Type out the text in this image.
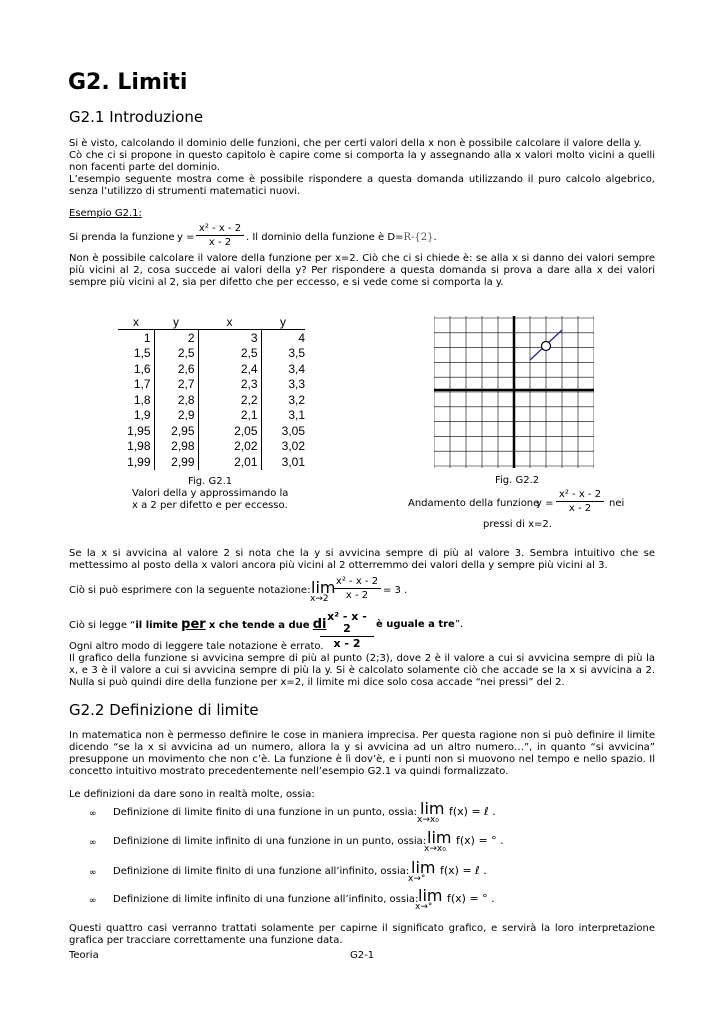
G2. Limiti
G2.1 Introduzione

Si è visto, calcolando il dominio delle funzioni, che per certi valori della x non è possibile calcolare il valore della y.

Cò che ci si propone in questo capitolo è capire come si comporta la y assegnando alla x valori molto vicini a quelli non facenti parte del dominio.

L’esempio seguente mostra come è possibile rispondere a questa domanda utilizzando il puro calcolo algebrico, senza l’utilizzo di strumenti matematici nuovi.

Esempio G2.1:
Si prenda la funzione y =
x² - x - 2
x - 2	. Il dominio della funzione è D=R-{2}.
Non è possibile calcolare il valore della funzione per x=2. Ciò che ci si chiede è: se alla x si danno dei valori sempre più vicini al 2, cosa succede ai valori della y? Per rispondere a questa domanda si prova a dare alla x dei valori sempre più vicini al 2, sia per difetto che per eccesso, e si vede come si comporta la y.
x	y	x	y
1	2	3	4
1,5	2,5	2,5	3,5
1,6	2,6	2,4	3,4
1,7	2,7	2,3	3,3
1,8	2,8	2,2	3,2
1,9	2,9	2,1	3,1
1,95	2,95	2,05	3,05
1,98	2,98	2,02	3,02
1,99	2,99	2,01	3,01
Fig. G2.1
Valori della y approssimando la
x a 2 per difetto e per eccesso.
Fig. G2.2
Andamento della funzione
y =
x² - x - 2
x - 2	nei
pressi di x=2.
Se la x si avvicina al valore 2 si nota che la y si avvicina sempre di più al valore 3. Sembra intuitivo che se mettessimo al posto della x valori ancora più vicini al 2 otterremmo dei valori della y sempre più vicini al 3.
Ciò si può esprimere con la seguente notazione: lim
x→2
x² - x - 2
x - 2	= 3 .
Ciò si legge “il limite per x che tende a due di
x² - x - 2
x - 2
è uguale a tre”.

Ogni altro modo di leggere tale notazione è errato.

Il grafico della funzione si avvicina sempre di più al punto (2;3), dove 2 è il valore a cui si avvicina sempre di più la x, e 3 è il valore a cui si avvicina sempre di più la y. Si è calcolato solamente ciò che accade se la x si avvicina a 2. Nulla si può quindi dire della funzione per x=2, il limite mi dice solo cosa accade “nei pressi” del 2.

G2.2 Definizione di limite
In matematica non è permesso definire le cose in maniera imprecisa. Per questa ragione non si può definire il limite dicendo “se la x si avvicina ad un numero, allora la y si avvicina ad un altro numero…”, in quanto “si avvicina” presuppone un movimento che non c’è. La funzione è lì dov’è, e i punti non si muovono nel tempo e nello spazio. Il concetto intuitivo mostrato precedentemente nell’esempio G2.1 va quindi formalizzato.
Le definizioni da dare sono in realtà molte, ossia:
∞ Definizione di limite finito di una funzione in un punto, ossia: lim
x→x₀
f(x) = ℓ .
∞ Definizione di limite infinito di una funzione in un punto, ossia: lim
x→x₀
f(x) = ° .
∞ Definizione di limite finito di una funzione all’infinito, ossia: lim
x→°
f(x) = ℓ .
∞ Definizione di limite infinito di una funzione all’infinito, ossia: lim
x→°
f(x) = ° .
Questi quattro casi verranno trattati solamente per capirne il significato grafico, e servirà la loro interpretazione grafica per tracciare correttamente una funzione data.
Teoria	G2-1
